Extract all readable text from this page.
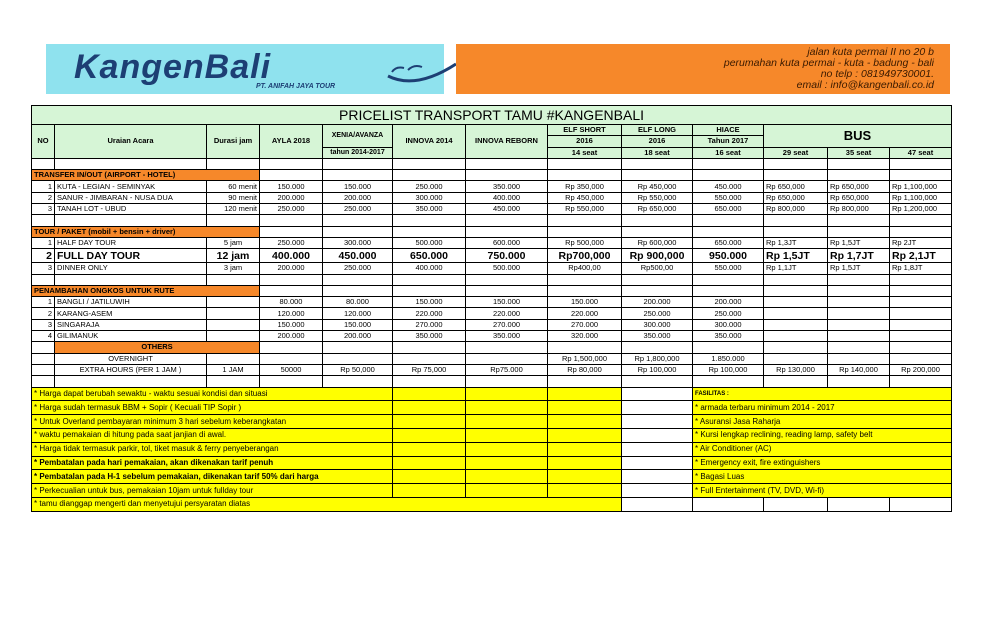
KangenBali
PT. ANIFAH JAYA TOUR
jalan kuta permai II no 20 b
perumahan kuta permai - kuta - badung - bali
no telp : 081949730001.
email : info@kangenbali.co.id
PRICELIST TRANSPORT TAMU #KANGENBALI												
NO	Uraian Acara	Durasi jam	AYLA 2018	XENIA/AVANZA	INNOVA 2014	INNOVA REBORN	ELF SHORT	ELF LONG	HIACE	BUS		
							2016	2016	Tahun 2017			
				tahun 2014-2017			14 seat	18 seat	16 seat	29 seat	35 seat	47 seat

TRANSFER IN/OUT (AIRPORT - HOTEL)												
1	KUTA - LEGIAN - SEMINYAK	60 menit	150.000	150.000	250.000	350.000	Rp 350,000	Rp 450,000	450.000	Rp 650,000	Rp 650,000	Rp 1,100,000
2	SANUR - JIMBARAN - NUSA DUA	90 menit	200.000	200.000	300.000	400.000	Rp 450,000	Rp 550,000	550.000	Rp 650,000	Rp 650,000	Rp 1,100,000
3	TANAH LOT - UBUD	120 menit	250.000	250.000	350.000	450.000	Rp 550,000	Rp 650,000	650.000	Rp 800,000	Rp 800,000	Rp 1,200,000

TOUR / PAKET (mobil + bensin + driver)												
1	HALF DAY TOUR	5 jam	250.000	300.000	500.000	600.000	Rp 500,000	Rp 600,000	650.000	Rp 1,3JT	Rp 1,5JT	Rp 2JT
2	FULL DAY TOUR	12 jam	400.000	450.000	650.000	750.000	Rp700,000	Rp 900,000	950.000	Rp 1,5JT	Rp 1,7JT	Rp 2,1JT
3	DINNER ONLY	3 jam	200.000	250.000	400.000	500.000	Rp400,00	Rp500,00	550.000	Rp 1,1JT	Rp 1,5JT	Rp 1,8JT

PENAMBAHAN ONGKOS UNTUK RUTE												
1	BANGLI / JATILUWIH		80.000	80.000	150.000	150.000	150.000	200.000	200.000			
2	KARANG-ASEM		120.000	120.000	220.000	220.000	220.000	250.000	250.000			
3	SINGARAJA		150.000	150.000	270.000	270.000	270.000	300.000	300.000			
4	GILIMANUK		200.000	200.000	350.000	350.000	320.000	350.000	350.000			
	OTHERS											
	OVERNIGHT						Rp 1,500,000	Rp 1,800,000	1.850.000			
	EXTRA HOURS (PER 1 JAM )	1 JAM	50000	Rp 50,000	Rp 75,000	Rp75.000	Rp 80,000	Rp 100,000	Rp 100,000	Rp 130,000	Rp 140,000	Rp 200,000

* Harga dapat berubah sewaktu - waktu sesuai kondisi dan situasi									FASILITAS :			
* Harga sudah termasuk BBM + Sopir ( Kecuali TIP Sopir )									* armada terbaru minimum 2014 - 2017			
* Untuk Overland pembayaran minimum 3 hari sebelum keberangkatan									* Asuransi Jasa Raharja			
* waktu pemakaian di hitung pada saat janjian di awal.									* Kursi lengkap reclining, reading lamp, safety belt			
* Harga tidak termasuk parkir, tol, tiket masuk & ferry penyeberangan									* Air Conditioner (AC)			
* Pembatalan pada hari pemakaian, akan dikenakan tarif penuh									* Emergency exit, fire extinguishers			
* Pembatalan pada H-1 sebelum pemakaian, dikenakan tarif 50% dari harga									* Bagasi Luas			
* Perkecualian untuk bus, pemakaian 10jam untuk fullday tour									* Full Entertainment (TV, DVD, Wi-fi)			
* tamu dianggap mengerti dan menyetujui persyaratan diatas												
